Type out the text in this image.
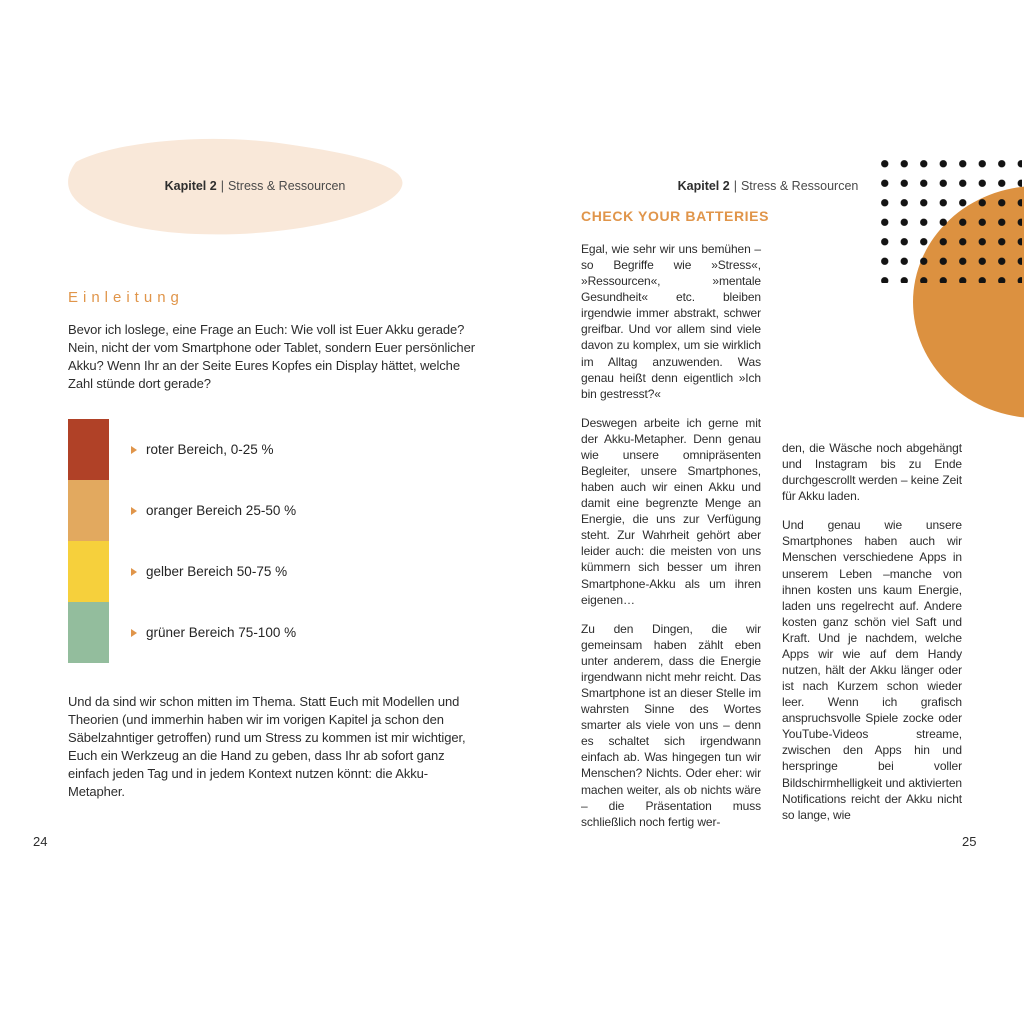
Kapitel 2 | Stress & Ressourcen	Kapitel 2 | Stress & Ressourcen
Einleitung
Bevor ich loslege, eine Frage an Euch: Wie voll ist Euer Akku gerade? Nein, nicht der vom Smartphone oder Tablet, sondern Euer persönlicher Akku? Wenn Ihr an der Seite Eures Kopfes ein Display hättet, welche Zahl stünde dort gerade?
roter Bereich, 0-25 %
oranger Bereich 25-50 %
gelber Bereich 50-75 %
grüner Bereich 75-100 %
Und da sind wir schon mitten im Thema. Statt Euch mit Modellen und Theorien (und immerhin haben wir im vorigen Kapitel ja schon den Säbelzahntiger getroffen) rund um Stress zu kommen ist mir wichtiger, Euch ein Werkzeug an die Hand zu geben, dass Ihr ab sofort ganz einfach jeden Tag und in jedem Kontext nutzen könnt: die Akku-Metapher.
24
CHECK YOUR BATTERIES

Egal, wie sehr wir uns bemühen – so Begriffe wie »Stress«, »Ressourcen«, »mentale Gesundheit« etc. bleiben irgendwie immer abstrakt, schwer greifbar. Und vor allem sind viele davon zu komplex, um sie wirklich im Alltag anzuwenden. Was genau heißt denn eigentlich »Ich bin gestresst?«

Deswegen arbeite ich gerne mit der Akku-Metapher. Denn genau wie unsere omnipräsenten Begleiter, unsere Smartphones, haben auch wir einen Akku und damit eine begrenzte Menge an Energie, die uns zur Verfügung steht. Zur Wahrheit gehört aber leider auch: die meisten von uns kümmern sich besser um ihren Smartphone-Akku als um ihren eigenen…

Zu den Dingen, die wir gemeinsam haben zählt eben unter anderem, dass die Energie irgendwann nicht mehr reicht. Das Smartphone ist an dieser Stelle im wahrsten Sinne des Wortes smarter als viele von uns – denn es schaltet sich irgendwann einfach ab. Was hingegen tun wir Menschen? Nichts. Oder eher: wir machen weiter, als ob nichts wäre – die Präsentation muss schließlich noch fertig wer-

den, die Wäsche noch abgehängt und Instagram bis zu Ende durchgescrollt werden – keine Zeit für Akku laden.

Und genau wie unsere Smartphones haben auch wir Menschen verschiedene Apps in unserem Leben –manche von ihnen kosten uns kaum Energie, laden uns regelrecht auf. Andere kosten ganz schön viel Saft und Kraft. Und je nachdem, welche Apps wir wie auf dem Handy nutzen, hält der Akku länger oder ist nach Kurzem schon wieder leer. Wenn ich grafisch anspruchsvolle Spiele zocke oder YouTube-Videos streame, zwischen den Apps hin und herspringe bei voller Bildschirmhelligkeit und aktivierten Notifications reicht der Akku nicht so lange, wie

25
